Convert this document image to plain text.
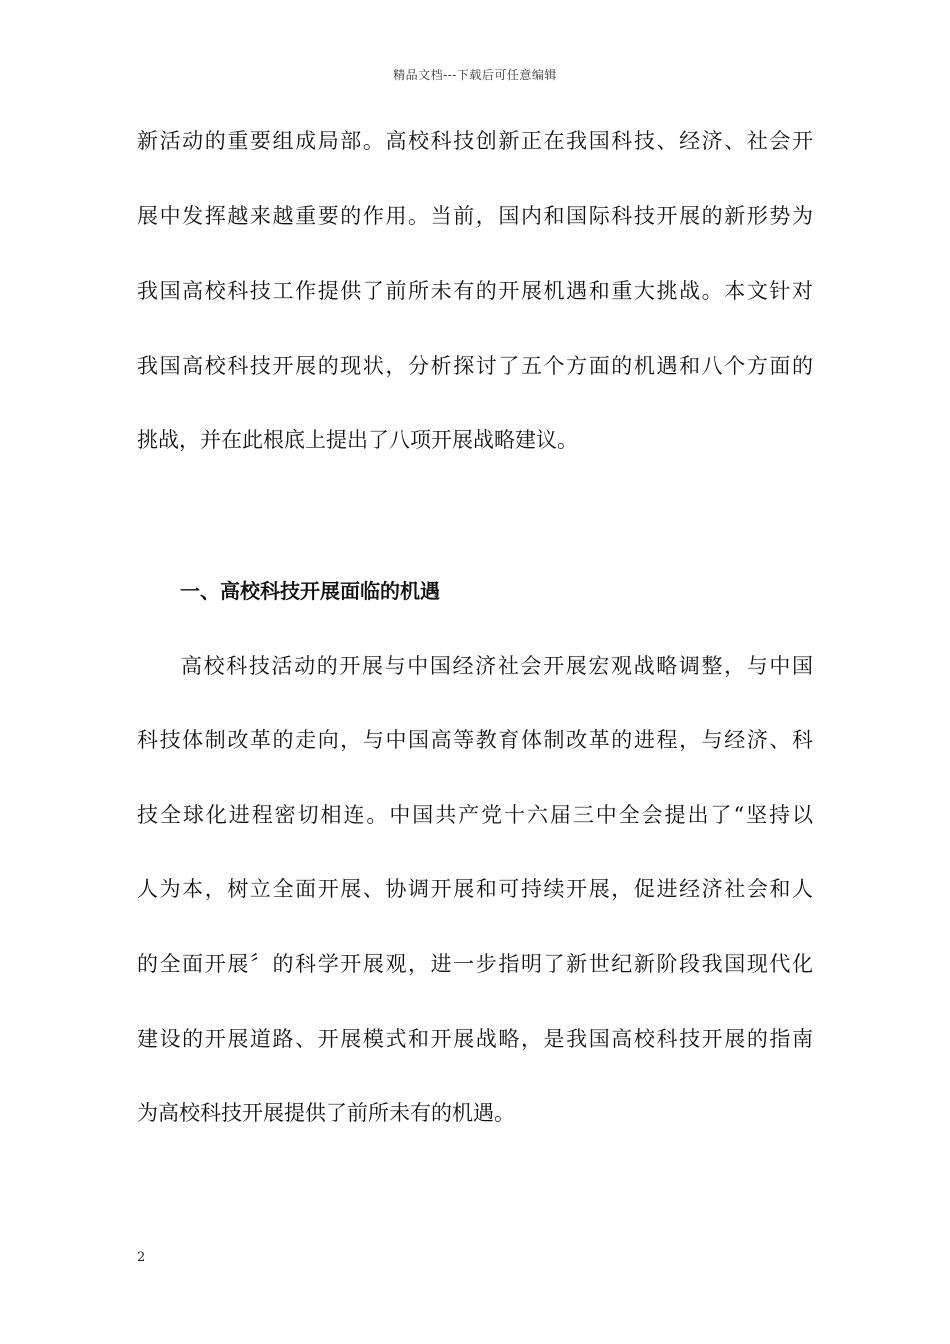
精品文档---下载后可任意编辑
新活动的重要组成局部。高校科技创新正在我国科技、经济、社会开
展中发挥越来越重要的作用。当前，国内和国际科技开展的新形势为
我国高校科技工作提供了前所未有的开展机遇和重大挑战。本文针对
我国高校科技开展的现状，分析探讨了五个方面的机遇和八个方面的
挑战，并在此根底上提出了八项开展战略建议。
一、高校科技开展面临的机遇
高校科技活动的开展与中国经济社会开展宏观战略调整，与中国
科技体制改革的走向，与中国高等教育体制改革的进程，与经济、科
技全球化进程密切相连。中国共产党十六届三中全会提出了“坚持以
人为本，树立全面开展、协调开展和可持续开展，促进经济社会和人
的全面开展〞的科学开展观，进一步指明了新世纪新阶段我国现代化
建设的开展道路、开展模式和开展战略，是我国高校科技开展的指南
为高校科技开展提供了前所未有的机遇。
2
